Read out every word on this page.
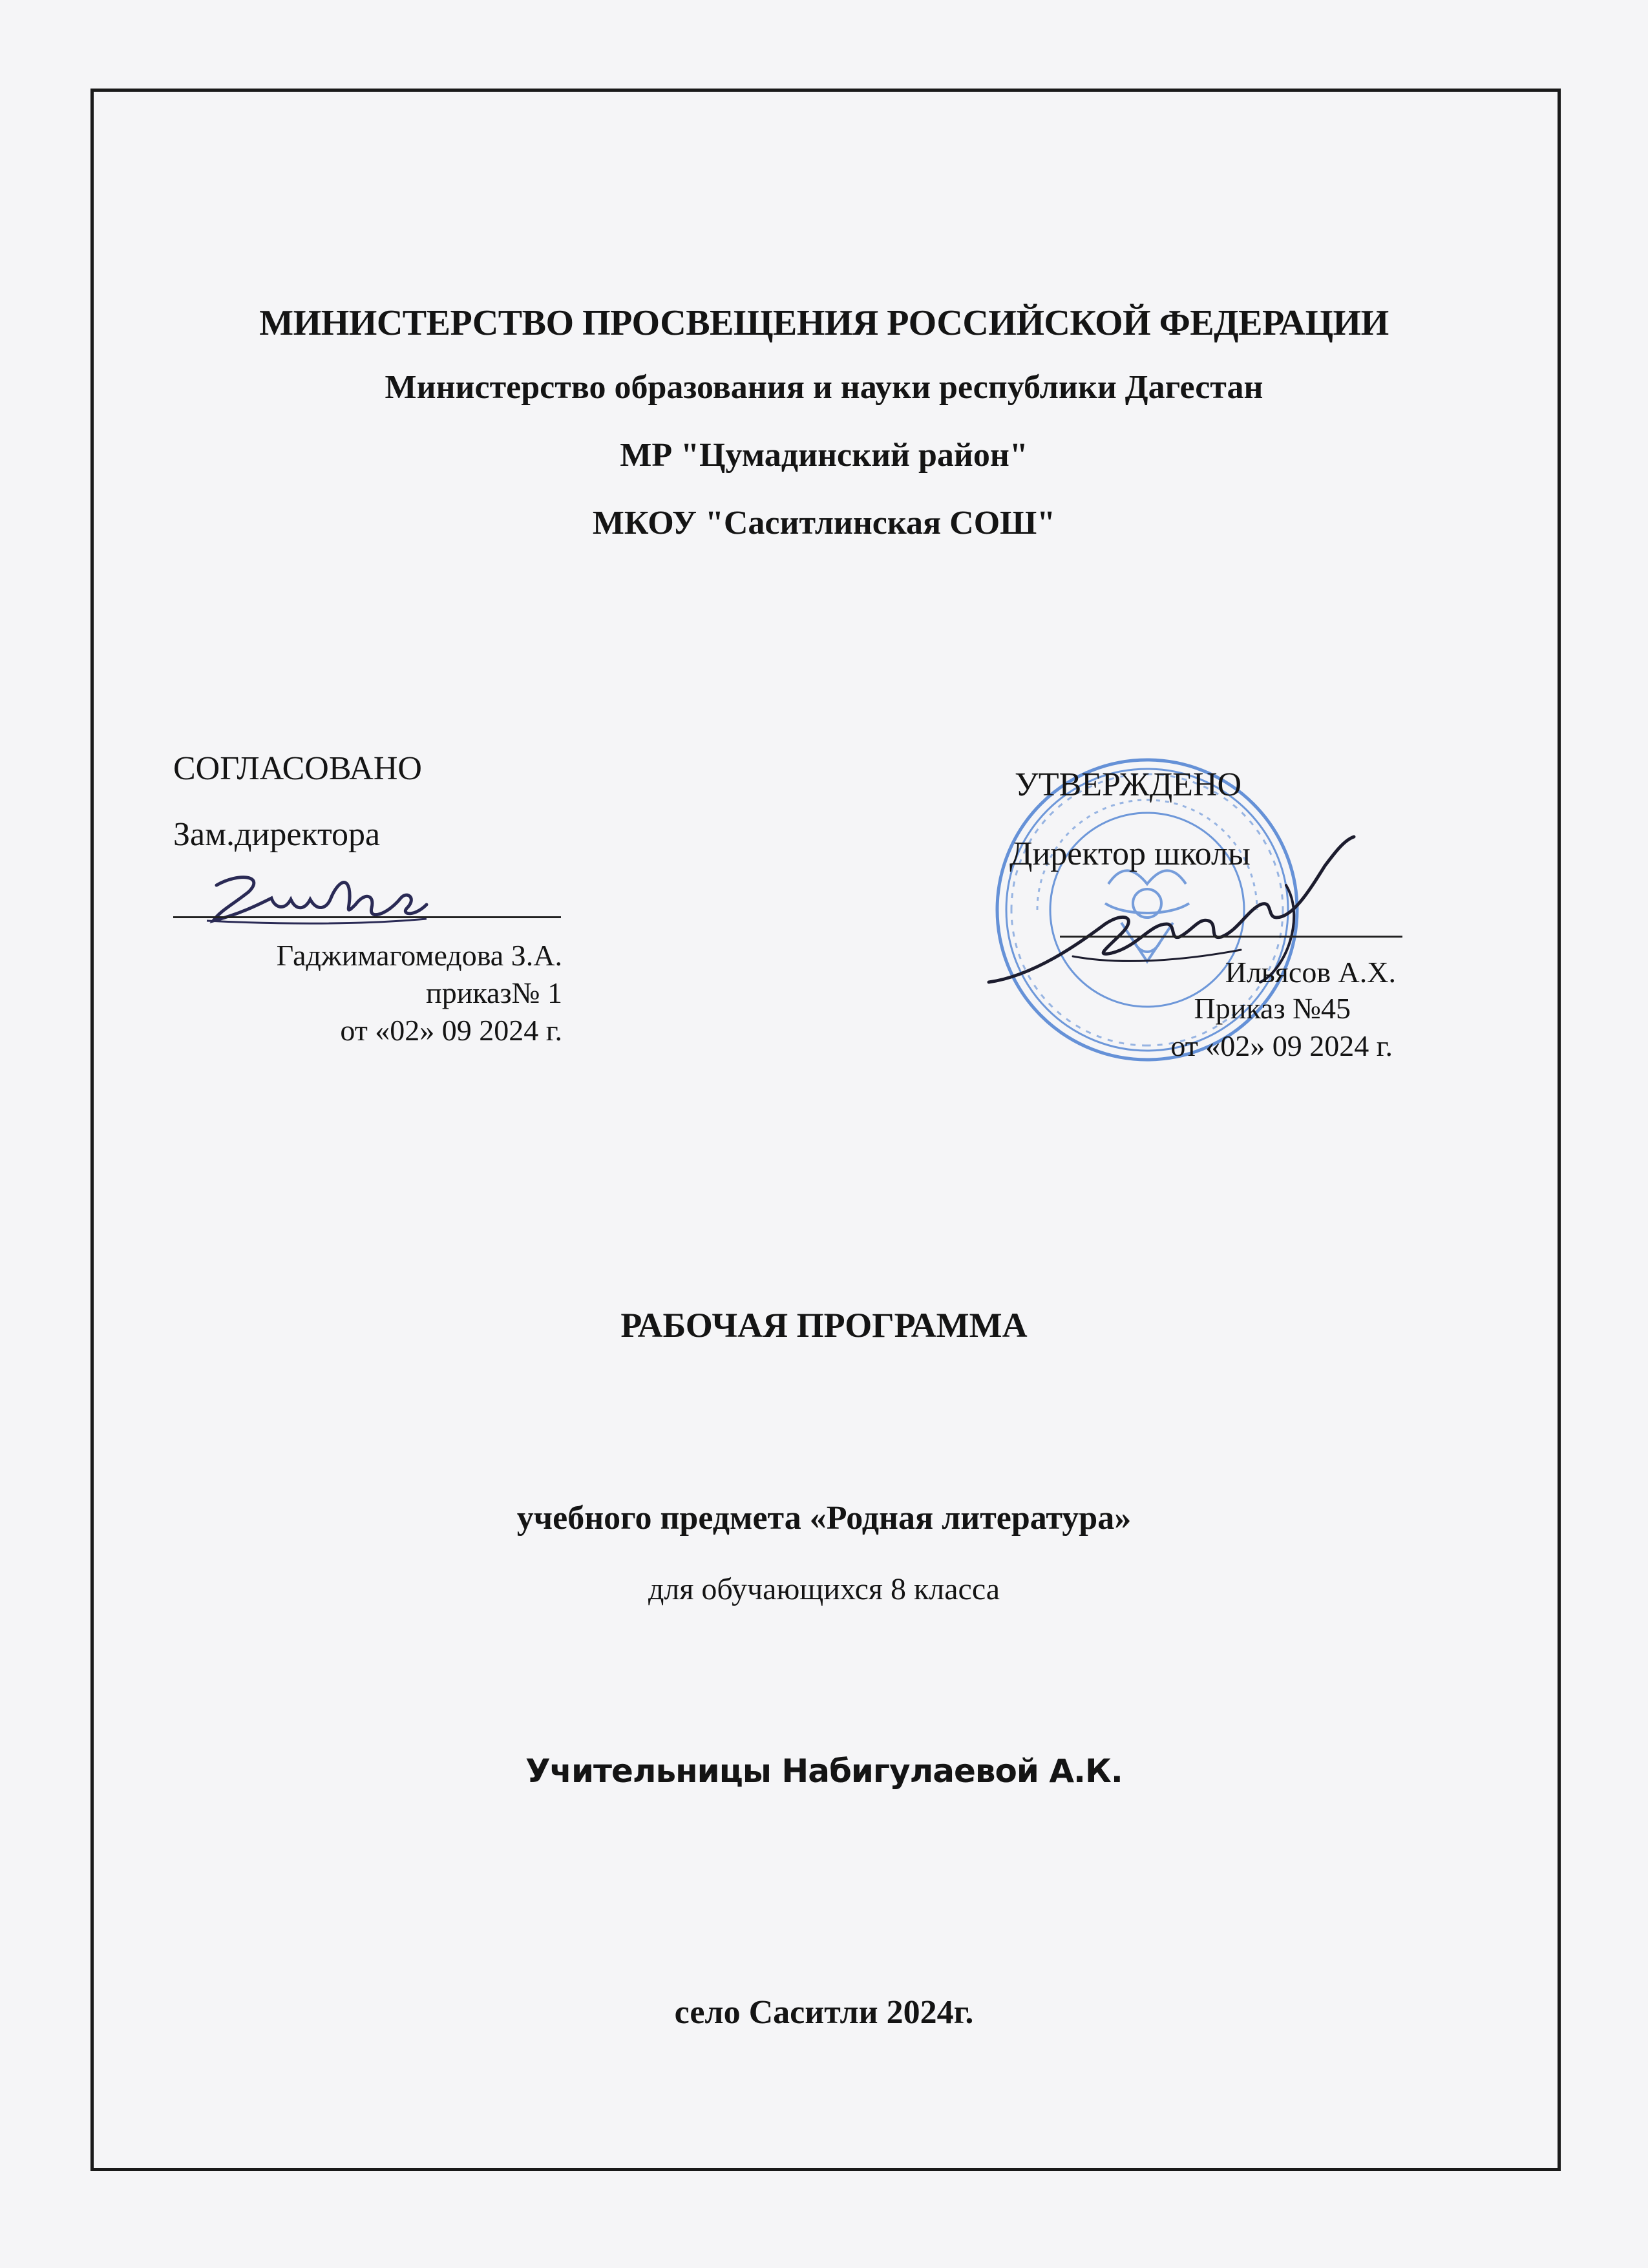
МИНИСТЕРСТВО ПРОСВЕЩЕНИЯ РОССИЙСКОЙ ФЕДЕРАЦИИ
Министерство образования и науки республики Дагестан
МР "Цумадинский район"
МКОУ "Саситлинская СОШ"
СОГЛАСОВАНО
Зам.директора
Гаджимагомедова З.А.
приказ№ 1
от «02» 09 2024 г.
УТВЕРЖДЕНО
Директор школы
Ильясов А.Х.
Приказ №45
от «02» 09 2024 г.
РАБОЧАЯ ПРОГРАММА
учебного предмета «Родная литература»
для обучающихся 8 класса
Учительницы Набигулаевой А.К.
село Саситли 2024г.
